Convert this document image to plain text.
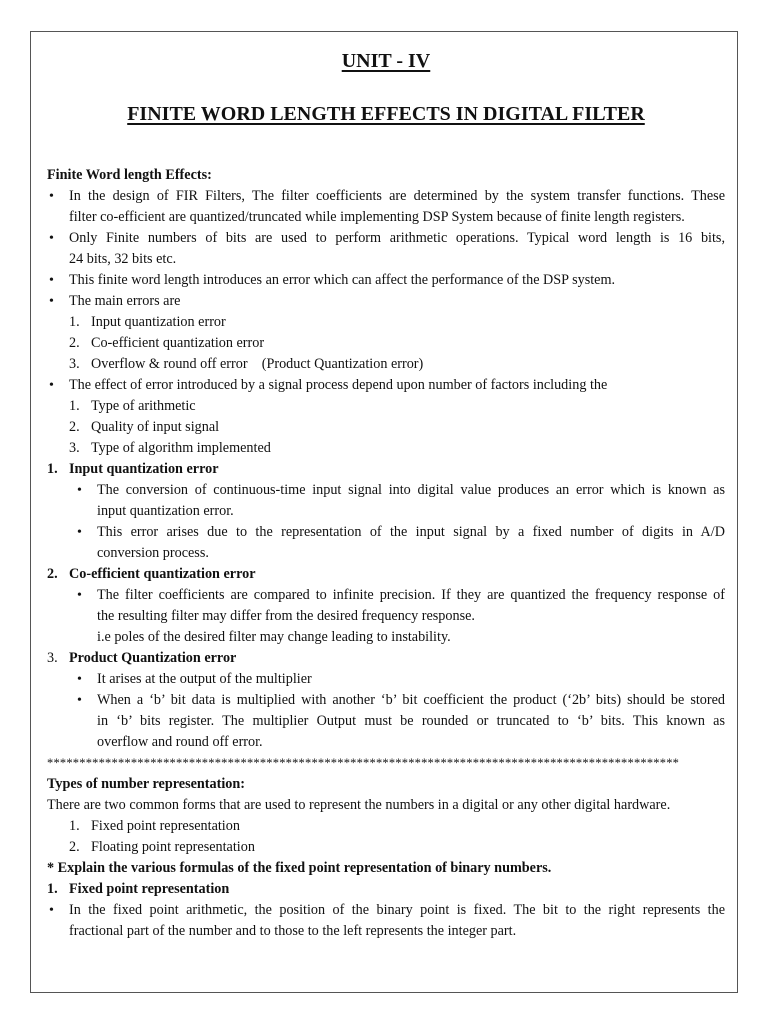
UNIT - IV
FINITE WORD LENGTH EFFECTS IN DIGITAL FILTER
Finite Word length Effects:
• In the design of FIR Filters, The filter coefficients are determined by the system transfer functions. These
filter co-efficient are quantized/truncated while implementing DSP System because of finite length registers.
• Only Finite numbers of bits are used to perform arithmetic operations. Typical word length is 16 bits,
24 bits, 32 bits etc.
• This finite word length introduces an error which can affect the performance of the DSP system.
• The main errors are
1. Input quantization error
2. Co-efficient quantization error
3. Overflow & round off error    (Product Quantization error)
• The effect of error introduced by a signal process depend upon number of factors including the
1. Type of arithmetic
2. Quality of input signal
3. Type of algorithm implemented
1. Input quantization error
• The conversion of continuous-time input signal into digital value produces an error which is known as
input quantization error.
• This error arises due to the representation of the input signal by a fixed number of digits in A/D
conversion process.
2. Co-efficient quantization error
• The filter coefficients are compared to infinite precision. If they are quantized the frequency response of
the resulting filter may differ from the desired frequency response.
i.e poles of the desired filter may change leading to instability.
3. Product Quantization error
• It arises at the output of the multiplier
• When a ‘b’ bit data is multiplied with another ‘b’ bit coefficient the product (‘2b’ bits) should be stored
in ‘b’ bits register. The multiplier Output must be rounded or truncated to ‘b’ bits. This known as
overflow and round off error.
**************************************************************************************************
Types of number representation:
There are two common forms that are used to represent the numbers in a digital or any other digital hardware.
1. Fixed point representation
2. Floating point representation
* Explain the various formulas of the fixed point representation of binary numbers.
1. Fixed point representation
• In the fixed point arithmetic, the position of the binary point is fixed. The bit to the right represents the
fractional part of the number and to those to the left represents the integer part.
